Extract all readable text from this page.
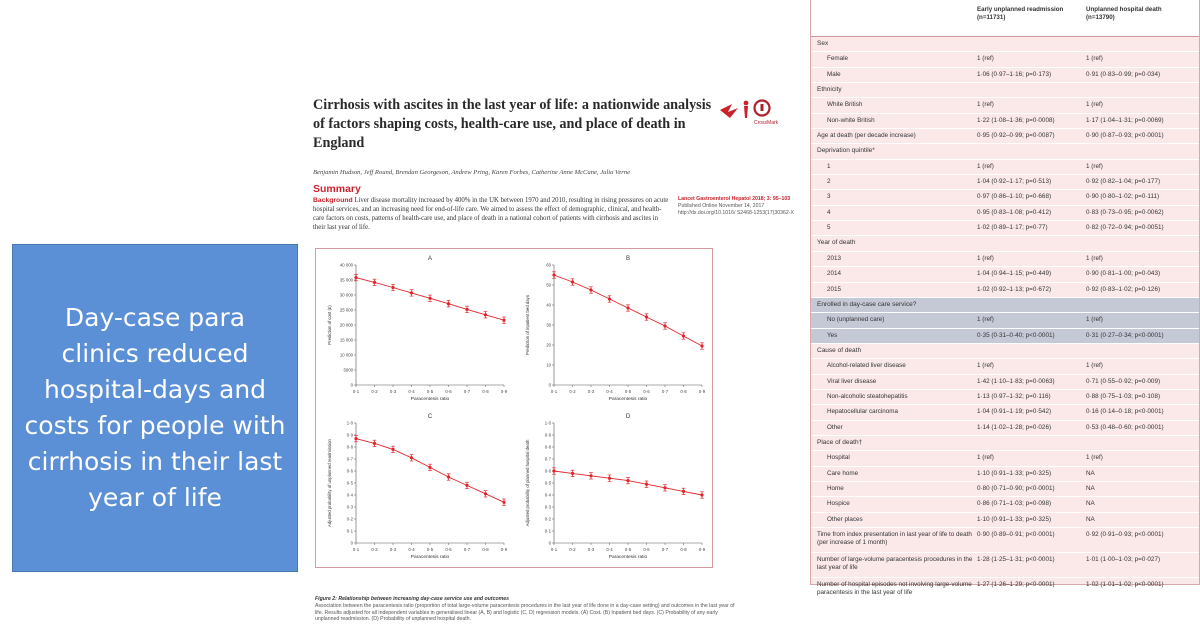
Day-case para clinics reduced hospital-days and costs for people with cirrhosis in their last year of life
Cirrhosis with ascites in the last year of life: a nationwide analysis of factors shaping costs, health-care use, and place of death in England
CrossMark
Benjamin Hudson, Jeff Round, Brendan Georgeson, Andrew Pring, Karen Forbes, Catherine Anne McCune, Julia Verne
Summary
Background Liver disease mortality increased by 400% in the UK between 1970 and 2010, resulting in rising pressures on acute hospital services, and an increasing need for end-of-life care. We aimed to assess the effect of demographic, clinical, and health-care factors on costs, patterns of health-care use, and place of death in a national cohort of patients with cirrhosis and ascites in their last year of life.
Lancet Gastroenterol Hepatol 2018; 3: 95–103
Published Online November 14, 2017
http://dx.doi.org/10.1016/ S2468-1253(17)30362-X
A
0
5000
10 000
15 000
20 000
25 000
30 000
35 000
40 000
0·1	0·2	0·3	0·4	0·5	0·6	0·7	0·8	0·9
Paracentesis ratio
Prediction of cost (£)
B
0
10
20
30
40
50
60
0·1	0·2	0·3	0·4	0·5	0·6	0·7	0·8	0·9
Paracentesis ratio
Prediction of inpatient bed days
C
0
0·1
0·2
0·3
0·4
0·5
0·6
0·7
0·8
0·9
1·0
0·1	0·2	0·3	0·4	0·5	0·6	0·7	0·8	0·9
Paracentesis ratio
Adjusted probability of unplanned readmission
D
0
0·1
0·2
0·3
0·4
0·5
0·6
0·7
0·8
0·9
1·0
0·1	0·2	0·3	0·4	0·5	0·6	0·7	0·8	0·9
Paracentesis ratio
Adjusted probability of planned hospital death
Figure 2: Relationship between increasing day-case service use and outcomes
Association between the paracentesis ratio (proportion of total large-volume paracentesis procedures in the last year of life done in a day-case setting) and outcomes in the last year of life. Results adjusted for all independent variables in generalised linear (A, B) and logistic (C, D) regression models. (A) Cost. (B) Inpatient bed days. (C) Probability of any early unplanned readmission. (D) Probability of unplanned hospital death.
Early unplanned readmission (n=11731)
Unplanned hospital death (n=13790)
Sex
Female	1 (ref)	1 (ref)
Male	1·06 (0·97–1·16; p=0·173)	0·91 (0·83–0·99; p=0·034)
Ethnicity
White British	1 (ref)	1 (ref)
Non-white British	1·22 (1·08–1·36; p=0·0008)	1·17 (1·04–1·31; p=0·0069)
Age at death (per decade increase)	0·95 (0·92–0·99; p=0·0087)	0·90 (0·87–0·93; p<0·0001)
Deprivation quintile*
1	1 (ref)	1 (ref)
2	1·04 (0·92–1·17; p=0·513)	0·92 (0·82–1·04; p=0·177)
3	0·97 (0·86–1·10; p=0·668)	0·90 (0·80–1·02; p=0·111)
4	0·95 (0·83–1·08; p=0·412)	0·83 (0·73–0·95; p=0·0062)
5	1·02 (0·89–1·17; p=0·77)	0·82 (0·72–0·94; p=0·0051)
Year of death
2013	1 (ref)	1 (ref)
2014	1·04 (0·94–1·15; p=0·449)	0·90 (0·81–1·00; p=0·043)
2015	1·02 (0·92–1·13; p=0·672)	0·92 (0·83–1·02; p=0·126)
Enrolled in day-case care service?
No (unplanned care)	1 (ref)	1 (ref)
Yes	0·35 (0·31–0·40; p<0·0001)	0·31 (0·27–0·34; p<0·0001)
Cause of death
Alcohol-related liver disease	1 (ref)	1 (ref)
Viral liver disease	1·42 (1·10–1·83; p=0·0063)	0·71 (0·55–0·92; p=0·009)
Non-alcoholic steatohepatitis	1·13 (0·97–1·32; p=0·116)	0·88 (0·75–1·03; p=0·108)
Hepatocellular carcinoma	1·04 (0·91–1·19; p=0·542)	0·16 (0·14–0·18; p<0·0001)
Other	1·14 (1·02–1·28; p=0·026)	0·53 (0·48–0·60; p<0·0001)
Place of death†
Hospital	1 (ref)	1 (ref)
Care home	1·10 (0·91–1·33; p=0·325)	NA
Home	0·80 (0·71–0·90; p<0·0001)	NA
Hospice	0·86 (0·71–1·03; p=0·098)	NA
Other places	1·10 (0·91–1·33; p=0·325)	NA
Time from index presentation in last year of life to death (per increase of 1 month)
0·90 (0·89–0·91; p<0·0001)	0·92 (0·91–0·93; p<0·0001)
Number of large-volume paracentesis procedures in the last year of life
1·28 (1·25–1·31; p<0·0001)	1·01 (1·00–1·03; p=0·027)
Number of hospital episodes not involving large-volume paracentesis in the last year of life
1·27 (1·26–1·29; p<0·0001)	1·02 (1·01–1·02; p<0·0001)
